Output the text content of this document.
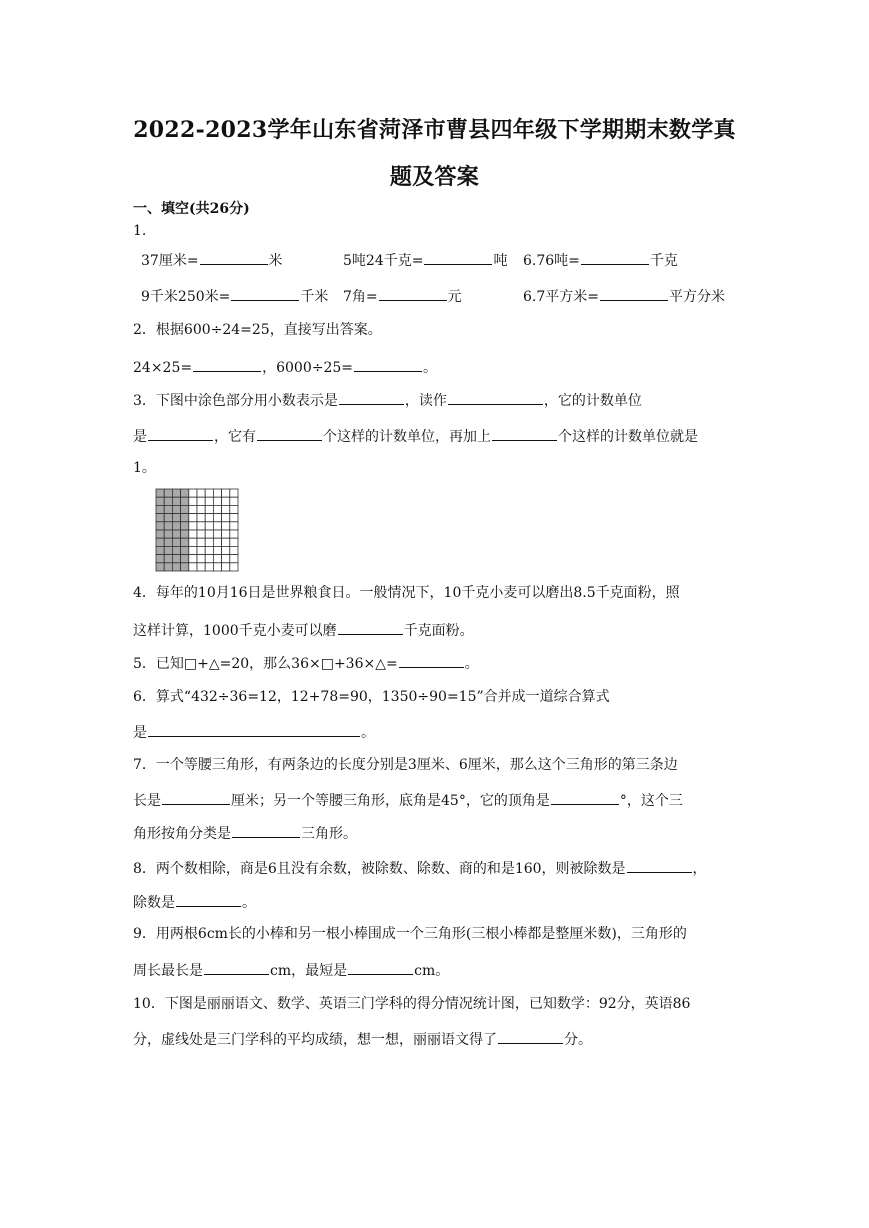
2022-2023学年山东省菏泽市曹县四年级下学期期末数学真
题及答案
一、填空(共26分)
1.
37厘米=	米	5吨24千克=	吨 6.76吨=	千克
9千米250米=	千米 7角=	元	6.7平方米=	平方分米
2．根据600÷24=25，直接写出答案。
24×25=	，6000÷25=	。
3．下图中涂色部分用小数表示是	，读作	，它的计数单位
是	，它有	个这样的计数单位，再加上	个这样的计数单位就是
1。
4．每年的10月16日是世界粮食日。一般情况下，10千克小麦可以磨出8.5千克面粉，照
这样计算，1000千克小麦可以磨	千克面粉。
5．已知□+△=20，那么36×□+36×△=	。
6．算式“432÷36=12，12+78=90，1350÷90=15”合并成一道综合算式
是	。
7．一个等腰三角形，有两条边的长度分别是3厘米、6厘米，那么这个三角形的第三条边
长是	厘米；另一个等腰三角形，底角是45°，它的顶角是	°，这个三
角形按角分类是	三角形。
8．两个数相除，商是6且没有余数，被除数、除数、商的和是160，则被除数是	，
除数是	。
9．用两根6cm长的小棒和另一根小棒围成一个三角形(三根小棒都是整厘米数)，三角形的
周长最长是	cm，最短是	cm。
10．下图是丽丽语文、数学、英语三门学科的得分情况统计图，已知数学：92分，英语86
分，虚线处是三门学科的平均成绩，想一想，丽丽语文得了	分。
